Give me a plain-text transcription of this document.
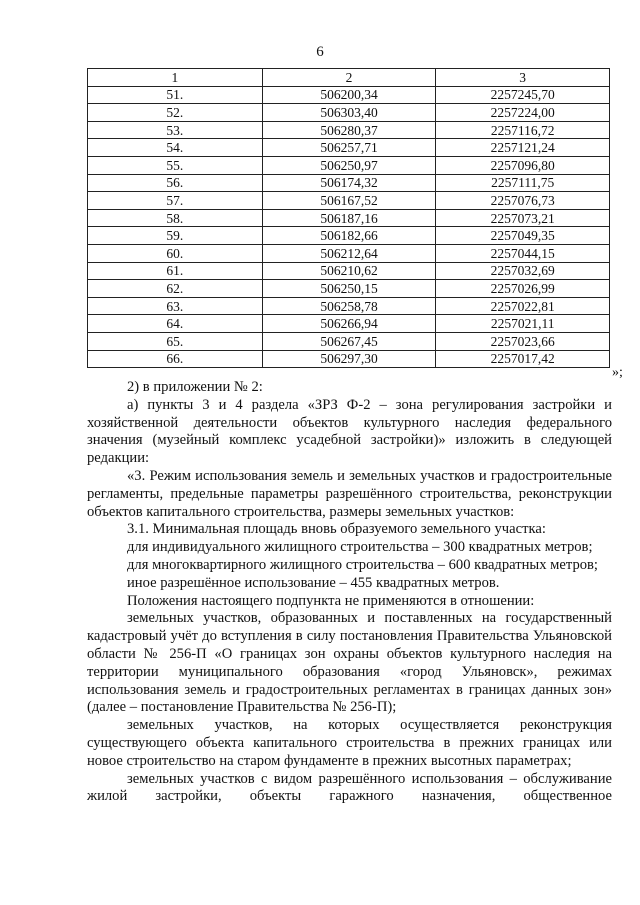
6
1	2	3
51.	506200,34	2257245,70
52.	506303,40	2257224,00
53.	506280,37	2257116,72
54.	506257,71	2257121,24
55.	506250,97	2257096,80
56.	506174,32	2257111,75
57.	506167,52	2257076,73
58.	506187,16	2257073,21
59.	506182,66	2257049,35
60.	506212,64	2257044,15
61.	506210,62	2257032,69
62.	506250,15	2257026,99
63.	506258,78	2257022,81
64.	506266,94	2257021,11
65.	506267,45	2257023,66
66.	506297,30	2257017,42
»;

2) в приложении № 2:

а) пункты 3 и 4 раздела «ЗРЗ Ф-2 – зона регулирования застройки и хозяйственной деятельности объектов культурного наследия федерального значения (музейный комплекс усадебной застройки)» изложить в следующей редакции:

«3. Режим использования земель и земельных участков и градостроительные регламенты, предельные параметры разрешённого строительства, реконструкции объектов капитального строительства, размеры земельных участков:

3.1. Минимальная площадь вновь образуемого земельного участка:

для индивидуального жилищного строительства – 300 квадратных метров;

для многоквартирного жилищного строительства – 600 квадратных метров;

иное разрешённое использование – 455 квадратных метров.

Положения настоящего подпункта не применяются в отношении:

земельных участков, образованных и поставленных на государственный кадастровый учёт до вступления в силу постановления Правительства Ульяновской области № 256-П «О границах зон охраны объектов культурного наследия на территории муниципального образования «город Ульяновск», режимах использования земель и градостроительных регламентах в границах данных зон» (далее – постановление Правительства № 256-П);

земельных участков, на которых осуществляется реконструкция существующего объекта капитального строительства в прежних границах или новое строительство на старом фундаменте в прежних высотных параметрах;

земельных участков с видом разрешённого использования – обслуживание жилой застройки, объекты гаражного назначения, общественное
